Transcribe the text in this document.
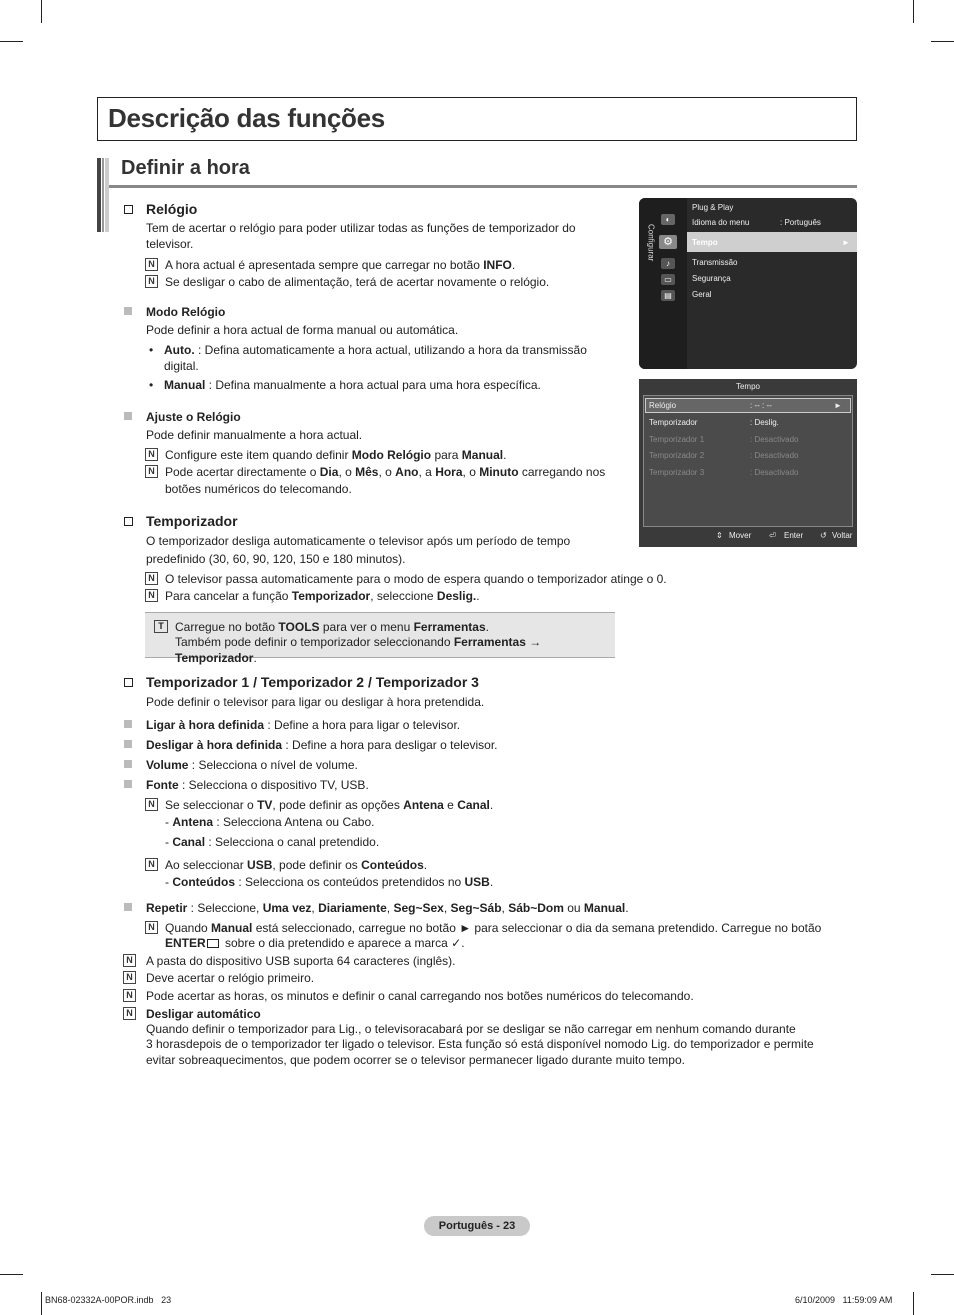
Descrição das funções
Definir a hora
Relógio
Tem de acertar o relógio para poder utilizar todas as funções de temporizador do televisor.
N A hora actual é apresentada sempre que carregar no botão INFO.
N Se desligar o cabo de alimentação, terá de acertar novamente o relógio.
Modo Relógio
Pode definir a hora actual de forma manual ou automática.
• Auto. : Defina automaticamente a hora actual, utilizando a hora da transmissão digital.
• Manual : Defina manualmente a hora actual para uma hora específica.
Ajuste o Relógio
Pode definir manualmente a hora actual.
N Configure este item quando definir Modo Relógio para Manual.
N Pode acertar directamente o Dia, o Mês, o Ano, a Hora, o Minuto carregando nos
botões numéricos do telecomando.
Temporizador
O temporizador desliga automaticamente o televisor após um período de tempo
predefinido (30, 60, 90, 120, 150 e 180 minutos).
N O televisor passa automaticamente para o modo de espera quando o temporizador atinge o 0.
N Para cancelar a função Temporizador, seleccione Deslig..
T Carregue no botão TOOLS para ver o menu Ferramentas.
Também pode definir o temporizador seleccionando Ferramentas → Temporizador.
Temporizador 1 / Temporizador 2 / Temporizador 3
Pode definir o televisor para ligar ou desligar à hora pretendida.
Ligar à hora definida : Define a hora para ligar o televisor.
Desligar à hora definida : Define a hora para desligar o televisor.
Volume : Selecciona o nível de volume.
Fonte : Selecciona o dispositivo TV, USB.
N Se seleccionar o TV, pode definir as opções Antena e Canal.
- Antena : Selecciona Antena ou Cabo.
- Canal : Selecciona o canal pretendido.
N Ao seleccionar USB, pode definir os Conteúdos.
- Conteúdos : Selecciona os conteúdos pretendidos no USB.
Repetir : Seleccione, Uma vez, Diariamente, Seg~Sex, Seg~Sáb, Sáb~Dom ou Manual.
N Quando Manual está seleccionado, carregue no botão ► para seleccionar o dia da semana pretendido. Carregue no botão
ENTER sobre o dia pretendido e aparece a marca ✓.
N A pasta do dispositivo USB suporta 64 caracteres (inglês).
N Deve acertar o relógio primeiro.
N Pode acertar as horas, os minutos e definir o canal carregando nos botões numéricos do telecomando.
N Desligar automático
Quando definir o temporizador para Lig., o televisoracabará por se desligar se não carregar em nenhum comando durante
3 horasdepois de o temporizador ter ligado o televisor. Esta função só está disponível nomodo Lig. do temporizador e permite
evitar sobreaquecimentos, que podem ocorrer se o televisor permanecer ligado durante muito tempo.
Configurar
◐
♪
▭
▤
⚙
Plug & Play
Idioma do menu	: Português
Tempo	►
Transmissão
Segurança
Geral
Tempo
Relógio	: -- : --	►
Temporizador	: Deslig.
Temporizador 1	: Desactivado
Temporizador 2	: Desactivado
Temporizador 3	: Desactivado
⇕ Mover ⏎ Enter ↺ Voltar
Português - 23
BN68-02332A-00POR.indb   23	6/10/2009   11:59:09 AM
